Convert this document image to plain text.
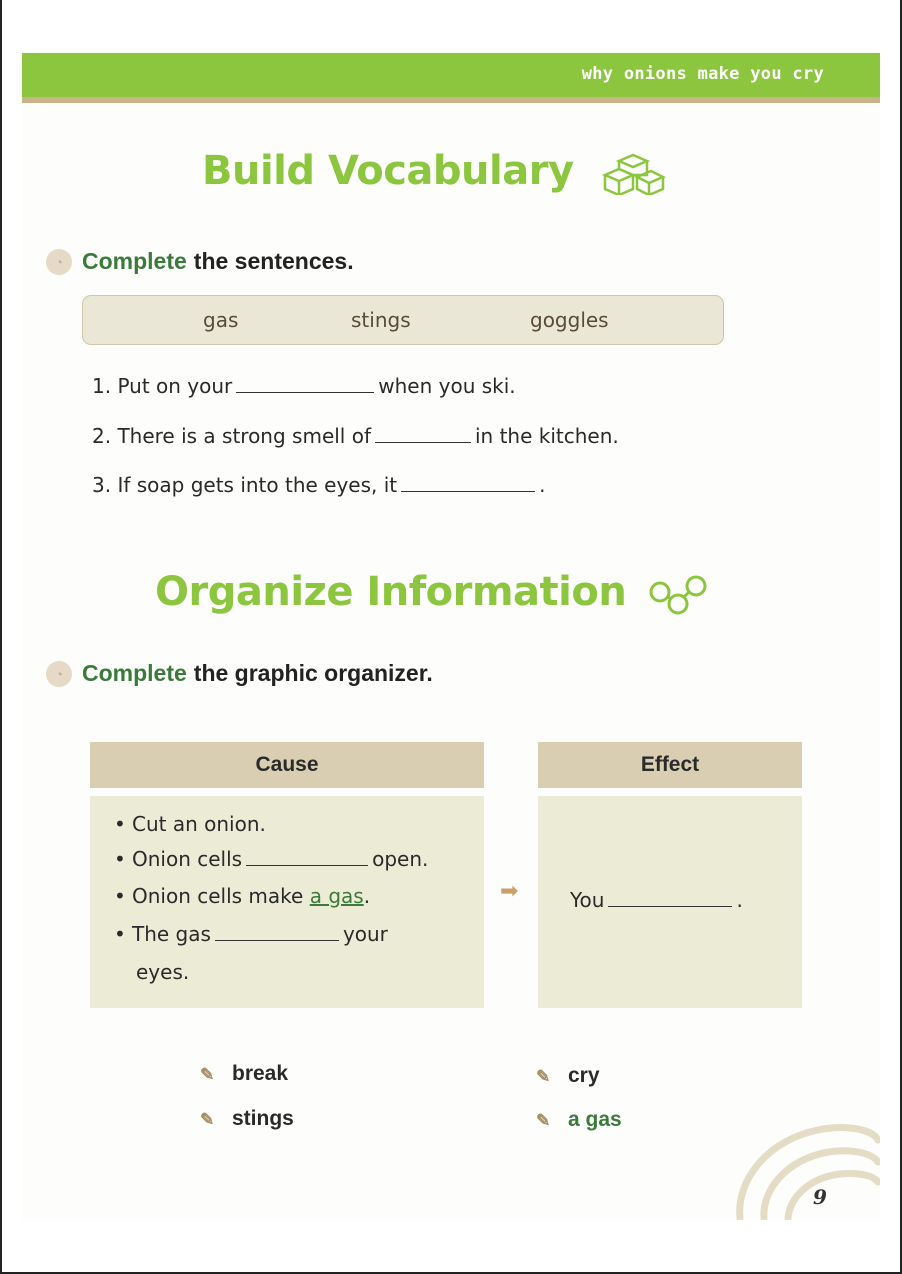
why onions make you cry
Build Vocabulary
◔ Complete the sentences.
gas	stings	goggles
1. Put on your	when you ski.
2. There is a strong smell of	in the kitchen.
3. If soap gets into the eyes, it	.
Organize Information
◔ Complete the graphic organizer.
Cause	Effect
• Cut an onion.
• Onion cells	open.
• Onion cells make a gas.
• The gas	your
eyes.
➡	You	.
✎ break
✎ stings
✎ cry
✎ a gas
9
